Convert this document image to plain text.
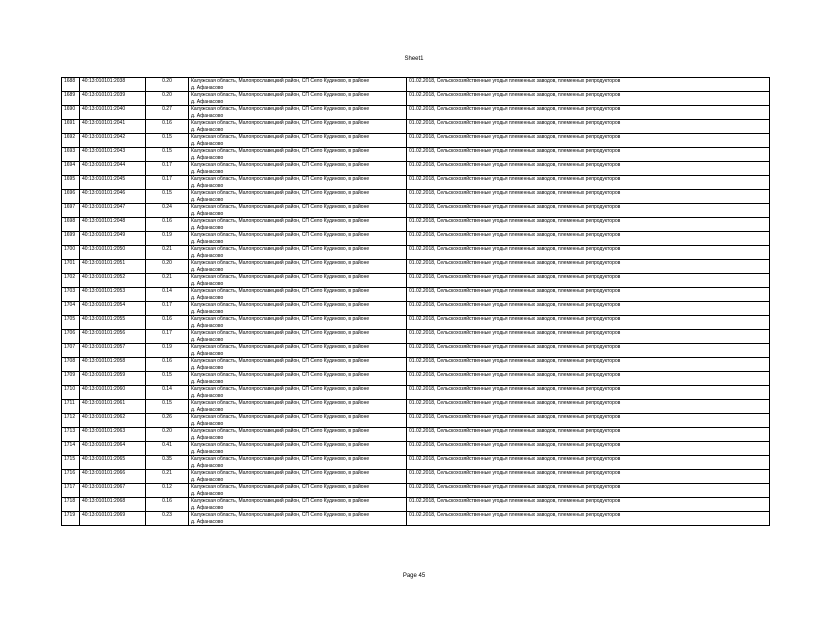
Sheet1
1688	40:13:010101:2038	0.20	Калужская область, Малоярославецкий район, СП Село Кудиново, в районе
д. Афанасово	01.02.2018, Сельскохозяйственные угодья племенных заводов, племенных репродукторов
1689	40:13:010101:2039	0.20	Калужская область, Малоярославецкий район, СП Село Кудиново, в районе
д. Афанасово	01.02.2018, Сельскохозяйственные угодья племенных заводов, племенных репродукторов
1690	40:13:010101:2040	0.27	Калужская область, Малоярославецкий район, СП Село Кудиново, в районе
д. Афанасово	01.02.2018, Сельскохозяйственные угодья племенных заводов, племенных репродукторов
1691	40:13:010101:2041	0.16	Калужская область, Малоярославецкий район, СП Село Кудиново, в районе
д. Афанасово	01.02.2018, Сельскохозяйственные угодья племенных заводов, племенных репродукторов
1692	40:13:010101:2042	0.15	Калужская область, Малоярославецкий район, СП Село Кудиново, в районе
д. Афанасово	01.02.2018, Сельскохозяйственные угодья племенных заводов, племенных репродукторов
1693	40:13:010101:2043	0.15	Калужская область, Малоярославецкий район, СП Село Кудиново, в районе
д. Афанасово	01.02.2018, Сельскохозяйственные угодья племенных заводов, племенных репродукторов
1694	40:13:010101:2044	0.17	Калужская область, Малоярославецкий район, СП Село Кудиново, в районе
д. Афанасово	01.02.2018, Сельскохозяйственные угодья племенных заводов, племенных репродукторов
1695	40:13:010101:2045	0.17	Калужская область, Малоярославецкий район, СП Село Кудиново, в районе
д. Афанасово	01.02.2018, Сельскохозяйственные угодья племенных заводов, племенных репродукторов
1696	40:13:010101:2046	0.15	Калужская область, Малоярославецкий район, СП Село Кудиново, в районе
д. Афанасово	01.02.2018, Сельскохозяйственные угодья племенных заводов, племенных репродукторов
1697	40:13:010101:2047	0.24	Калужская область, Малоярославецкий район, СП Село Кудиново, в районе
д. Афанасово	01.02.2018, Сельскохозяйственные угодья племенных заводов, племенных репродукторов
1698	40:13:010101:2048	0.16	Калужская область, Малоярославецкий район, СП Село Кудиново, в районе
д. Афанасово	01.02.2018, Сельскохозяйственные угодья племенных заводов, племенных репродукторов
1699	40:13:010101:2049	0.19	Калужская область, Малоярославецкий район, СП Село Кудиново, в районе
д. Афанасово	01.02.2018, Сельскохозяйственные угодья племенных заводов, племенных репродукторов
1700	40:13:010101:2050	0.21	Калужская область, Малоярославецкий район, СП Село Кудиново, в районе
д. Афанасово	01.02.2018, Сельскохозяйственные угодья племенных заводов, племенных репродукторов
1701	40:13:010101:2051	0.20	Калужская область, Малоярославецкий район, СП Село Кудиново, в районе
д. Афанасово	01.02.2018, Сельскохозяйственные угодья племенных заводов, племенных репродукторов
1702	40:13:010101:2052	0.21	Калужская область, Малоярославецкий район, СП Село Кудиново, в районе
д. Афанасово	01.02.2018, Сельскохозяйственные угодья племенных заводов, племенных репродукторов
1703	40:13:010101:2053	0.14	Калужская область, Малоярославецкий район, СП Село Кудиново, в районе
д. Афанасово	01.02.2018, Сельскохозяйственные угодья племенных заводов, племенных репродукторов
1704	40:13:010101:2054	0.17	Калужская область, Малоярославецкий район, СП Село Кудиново, в районе
д. Афанасово	01.02.2018, Сельскохозяйственные угодья племенных заводов, племенных репродукторов
1705	40:13:010101:2055	0.16	Калужская область, Малоярославецкий район, СП Село Кудиново, в районе
д. Афанасово	01.02.2018, Сельскохозяйственные угодья племенных заводов, племенных репродукторов
1706	40:13:010101:2056	0.17	Калужская область, Малоярославецкий район, СП Село Кудиново, в районе
д. Афанасово	01.02.2018, Сельскохозяйственные угодья племенных заводов, племенных репродукторов
1707	40:13:010101:2057	0.19	Калужская область, Малоярославецкий район, СП Село Кудиново, в районе
д. Афанасово	01.02.2018, Сельскохозяйственные угодья племенных заводов, племенных репродукторов
1708	40:13:010101:2058	0.16	Калужская область, Малоярославецкий район, СП Село Кудиново, в районе
д. Афанасово	01.02.2018, Сельскохозяйственные угодья племенных заводов, племенных репродукторов
1709	40:13:010101:2059	0.15	Калужская область, Малоярославецкий район, СП Село Кудиново, в районе
д. Афанасово	01.02.2018, Сельскохозяйственные угодья племенных заводов, племенных репродукторов
1710	40:13:010101:2060	0.14	Калужская область, Малоярославецкий район, СП Село Кудиново, в районе
д. Афанасово	01.02.2018, Сельскохозяйственные угодья племенных заводов, племенных репродукторов
1711	40:13:010101:2061	0.15	Калужская область, Малоярославецкий район, СП Село Кудиново, в районе
д. Афанасово	01.02.2018, Сельскохозяйственные угодья племенных заводов, племенных репродукторов
1712	40:13:010101:2062	0.26	Калужская область, Малоярославецкий район, СП Село Кудиново, в районе
д. Афанасово	01.02.2018, Сельскохозяйственные угодья племенных заводов, племенных репродукторов
1713	40:13:010101:2063	0.20	Калужская область, Малоярославецкий район, СП Село Кудиново, в районе
д. Афанасово	01.02.2018, Сельскохозяйственные угодья племенных заводов, племенных репродукторов
1714	40:13:010101:2064	0.41	Калужская область, Малоярославецкий район, СП Село Кудиново, в районе
д. Афанасово	01.02.2018, Сельскохозяйственные угодья племенных заводов, племенных репродукторов
1715	40:13:010101:2065	0.35	Калужская область, Малоярославецкий район, СП Село Кудиново, в районе
д. Афанасово	01.02.2018, Сельскохозяйственные угодья племенных заводов, племенных репродукторов
1716	40:13:010101:2066	0.21	Калужская область, Малоярославецкий район, СП Село Кудиново, в районе
д. Афанасово	01.02.2018, Сельскохозяйственные угодья племенных заводов, племенных репродукторов
1717	40:13:010101:2067	0.12	Калужская область, Малоярославецкий район, СП Село Кудиново, в районе
д. Афанасово	01.02.2018, Сельскохозяйственные угодья племенных заводов, племенных репродукторов
1718	40:13:010101:2068	0.16	Калужская область, Малоярославецкий район, СП Село Кудиново, в районе
д. Афанасово	01.02.2018, Сельскохозяйственные угодья племенных заводов, племенных репродукторов
1719	40:13:010101:2069	0.23	Калужская область, Малоярославецкий район, СП Село Кудиново, в районе
д. Афанасово	01.02.2018, Сельскохозяйственные угодья племенных заводов, племенных репродукторов
Page 45
